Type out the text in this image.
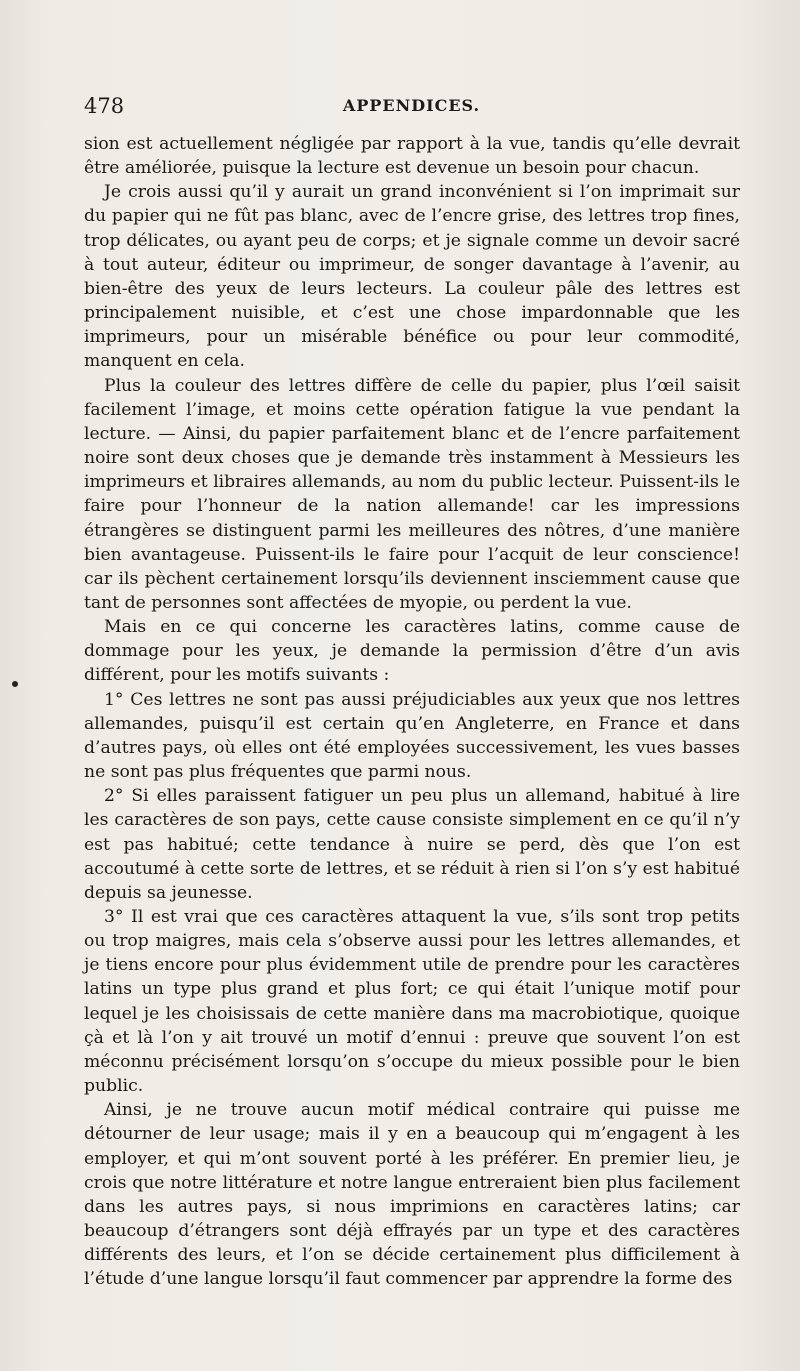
478	APPENDICES.

sion est actuellement négligée par rapport à la vue, tandis qu’elle devrait être améliorée, puisque la lecture est devenue un besoin pour chacun.

Je crois aussi qu’il y aurait un grand inconvénient si l’on imprimait sur du papier qui ne fût pas blanc, avec de l’encre grise, des lettres trop fines, trop délicates, ou ayant peu de corps; et je signale comme un devoir sacré à tout auteur, éditeur ou imprimeur, de songer davantage à l’avenir, au bien-être des yeux de leurs lecteurs. La couleur pâle des lettres est principalement nuisible, et c’est une chose impardonnable que les imprimeurs, pour un misérable bénéfice ou pour leur commodité, manquent en cela.

Plus la couleur des lettres diffère de celle du papier, plus l’œil saisit facilement l’image, et moins cette opération fatigue la vue pendant la lecture. — Ainsi, du papier parfaitement blanc et de l’encre parfaitement noire sont deux choses que je demande très instamment à Messieurs les imprimeurs et libraires allemands, au nom du public lecteur. Puissent-ils le faire pour l’honneur de la nation allemande! car les impressions étrangères se distinguent parmi les meilleures des nôtres, d’une manière bien avantageuse. Puissent-ils le faire pour l’acquit de leur conscience! car ils pèchent certainement lorsqu’ils deviennent insciemment cause que tant de personnes sont affectées de myopie, ou perdent la vue.

Mais en ce qui concerne les caractères latins, comme cause de dommage pour les yeux, je demande la permission d’être d’un avis différent, pour les motifs suivants :

1° Ces lettres ne sont pas aussi préjudiciables aux yeux que nos lettres allemandes, puisqu’il est certain qu’en Angleterre, en France et dans d’autres pays, où elles ont été employées successivement, les vues basses ne sont pas plus fréquentes que parmi nous.

2° Si elles paraissent fatiguer un peu plus un allemand, habitué à lire les caractères de son pays, cette cause consiste simplement en ce qu’il n’y est pas habitué; cette tendance à nuire se perd, dès que l’on est accoutumé à cette sorte de lettres, et se réduit à rien si l’on s’y est habitué depuis sa jeunesse.

3° Il est vrai que ces caractères attaquent la vue, s’ils sont trop petits ou trop maigres, mais cela s’observe aussi pour les lettres allemandes, et je tiens encore pour plus évidemment utile de prendre pour les caractères latins un type plus grand et plus fort; ce qui était l’unique motif pour lequel je les choisissais de cette manière dans ma macrobiotique, quoique çà et là l’on y ait trouvé un motif d’ennui : preuve que souvent l’on est méconnu précisément lorsqu’on s’occupe du mieux possible pour le bien public.

Ainsi, je ne trouve aucun motif médical contraire qui puisse me détourner de leur usage; mais il y en a beaucoup qui m’engagent à les employer, et qui m’ont souvent porté à les préférer. En premier lieu, je crois que notre littérature et notre langue entreraient bien plus facilement dans les autres pays, si nous imprimions en caractères latins; car beaucoup d’étrangers sont déjà effrayés par un type et des caractères différents des leurs, et l’on se décide certainement plus difficilement à l’étude d’une langue lorsqu’il faut commencer par apprendre la forme des
